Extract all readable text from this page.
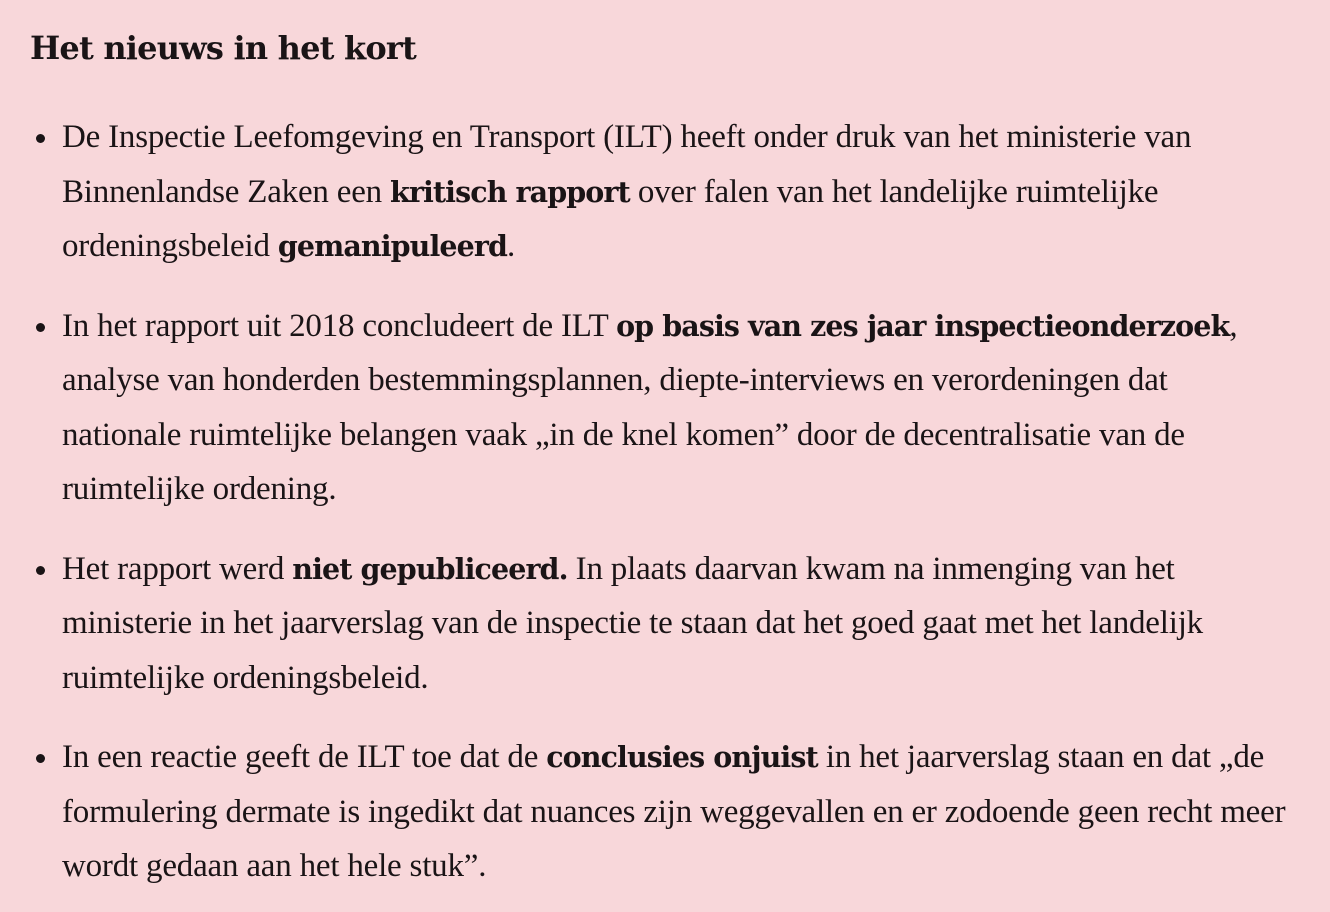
Het nieuws in het kort
De Inspectie Leefomgeving en Transport (ILT) heeft onder druk van het ministerie van Binnenlandse Zaken een kritisch rapport over falen van het landelijke ruimtelijke ordeningsbeleid gemanipuleerd.
In het rapport uit 2018 concludeert de ILT op basis van zes jaar inspectieonderzoek, analyse van honderden bestemmingsplannen, diepte-interviews en verordeningen dat nationale ruimtelijke belangen vaak „in de knel komen” door de decentralisatie van de ruimtelijke ordening.
Het rapport werd niet gepubliceerd. In plaats daarvan kwam na inmenging van het ministerie in het jaarverslag van de inspectie te staan dat het goed gaat met het landelijk ruimtelijke ordeningsbeleid.
In een reactie geeft de ILT toe dat de conclusies onjuist in het jaarverslag staan en dat „de formulering dermate is ingedikt dat nuances zijn weggevallen en er zodoende geen recht meer wordt gedaan aan het hele stuk”.
